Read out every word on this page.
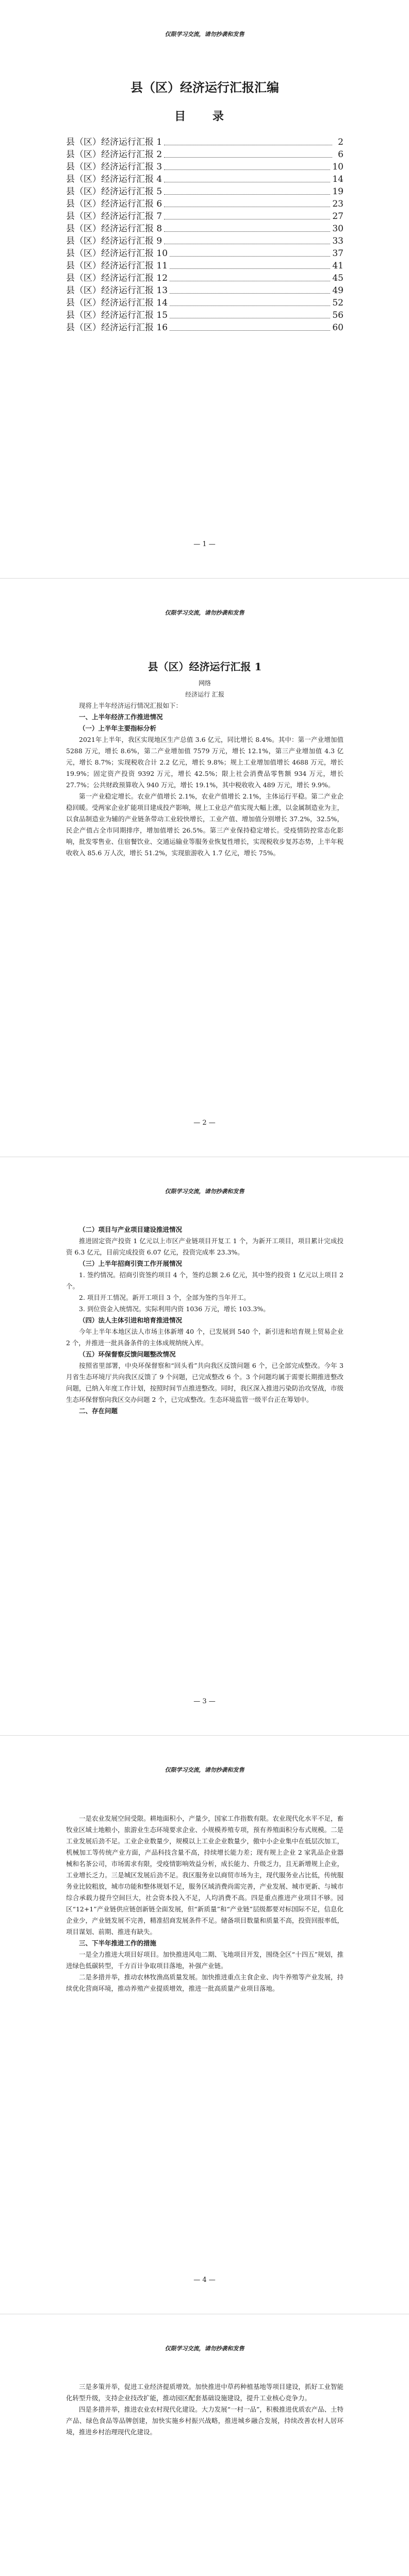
仅限学习交流，请勿抄袭和发售
县（区）经济运行汇报汇编
目 录
县（区）经济运行汇报 1	2
县（区）经济运行汇报 2	6
县（区）经济运行汇报 3	10
县（区）经济运行汇报 4	14
县（区）经济运行汇报 5	19
县（区）经济运行汇报 6	23
县（区）经济运行汇报 7	27
县（区）经济运行汇报 8	30
县（区）经济运行汇报 9	33
县（区）经济运行汇报 10	37
县（区）经济运行汇报 11	41
县（区）经济运行汇报 12	45
县（区）经济运行汇报 13	49
县（区）经济运行汇报 14	52
县（区）经济运行汇报 15	56
县（区）经济运行汇报 16	60
— 1 —
仅限学习交流，请勿抄袭和发售
县（区）经济运行汇报 1
网络
经济运行 汇报

现将上半年经济运行情况汇报如下：

一、上半年经济工作推进情况

（一）上半年主要指标分析

2021年上半年，我区实现地区生产总值 3.6 亿元，同比增长 8.4%。其中：第一产业增加值 5288 万元，增长 8.6%，第二产业增加值 7579 万元，增长 12.1%，第三产业增加值 4.3 亿元，增长 8.7%；实现税收合计 2.2 亿元，增长 9.8%；规上工业增加值增长 4688 万元，增长 19.9%；固定资产投资 9392 万元，增长 42.5%；限上社会消费品零售额 934 万元，增长 27.7%；公共财政预算收入 940 万元，增长 19.1%，其中税收收入 489 万元，增长 9.9%。

第一产业稳定增长。农业产值增长 2.1%，农业产值增长 2.1%，主体运行平稳。第二产业企稳回暖。受两家企业扩能项目建成投产影响，规上工业总产值实现大幅上涨，以金属制造业为主，以食品制造业为辅的产业链条带动工业较快增长，工业产值、增加值分别增长 37.2%，32.5%，民企产值占全市同期排序，增加值增长 26.5%。第三产业保持稳定增长。受疫情防控常态化影响，批发零售业、住宿餐饮业、交通运输业等服务业恢复性增长，实现税收步复苏态势，上半年税收收入 85.6 万人次，增长 51.2%，实现旅游收入 1.7 亿元，增长 75%。

— 2 —
仅限学习交流，请勿抄袭和发售

（二）项目与产业项目建设推进情况

推进固定资产投资 1 亿元以上市区产业链项目开复工 1 个，为新开工项目，项目累计完成投资 6.3 亿元，目前完成投资 6.07 亿元，投资完成率 23.3%。

（三）上半年招商引资工作开展情况

1. 签约情况。招商引资签约项目 4 个，签约总额 2.6 亿元，其中签约投资 1 亿元以上项目 2 个。

2. 项目开工情况。新开工项目 3 个，全部为签约当年开工。

3. 到位资金入统情况。实际利用内资 1036 万元，增长 103.3%。

（四）法人主体引进和培育推进情况

今年上半年本地区法人市场主体新增 40 个，已发展到 540 个，新引进和培育规上贸易企业 2 个，并推进一批具备条件的主体成规纳统入库。

（五）环保督察反馈问题整改情况

按照省里部署，中央环保督察和“回头看”共向我区反馈问题 6 个，已全部完成整改。今年 3 月省生态环境厅共向我区反馈了 9 个问题，已完成整改 6 个。3 个问题均属于需要长期推进整改问题，已纳入年度工作计划，按照时间节点推进整改。同时，我区深入推进污染防治攻坚战，市级生态环保督察向我区交办问题 2 个，已完成整改。生态环境监管一级平台正在筹划中。

二、存在问题

— 3 —
仅限学习交流，请勿抄袭和发售

一是农业发展空间受限。耕地面积小，产量少，国家工作指数有限。农业现代化水平不足，畜牧业区域土地粮小，旅游业生态环境要求企业、小规模养殖专项，预有养殖面积分布式规模。二是工业发展后劲不足。工业企业数量少，规模以上工业企业数量少，傲中小企业集中在低层次加工，机械加工等传统产业方面，产品科技含量不高，持续增长能力差；现有规上企业 2 家乳品企业器械和名茶公司，市场需求有限，受疫情影响效益分析，成长能力、升级乏力，且无新增规上企业，工业增长乏力。三是城区发展后劲不足。我区服务业以商贸市场为主，现代服务业占比低，传统服务业比较粗放，城市功能和整体规划不足，服务区域消费尚需完善，产业发展、城市更新、与城市综合承载力提升空间巨大，社会资本投入不足，人均消费不高。四是重点推进产业项目不够。园区“12+1”产业链供应链创新链全面发展，但“新质量”和“产业链”层级都要对标国际不足，信息化企业少，产业链发展不完善，精准招商发展条件不足。储备项目数量和质量不高，投资回报率低，项目谋划、前期、推进有缺失。

三、下半年推进工作的措施

一是全力推进大项目好项目。加快推进风电二期、飞地项目开发，围绕全区“十四五”规划，推进绿色低碳转型，千方百计争取项目落地，补强产业链。

二是多措并举，推动农林牧渔高质量发展。加快推进重点主食企业、肉牛养殖等产业发展，持续优化营商环境，推动养殖产业提质增效，推进一批高质量产业项目落地。

— 4 —
仅限学习交流，请勿抄袭和发售

三是多策并举，促进工业经济提质增效。加快推进中草药种植基地等项目建设，抓好工业智能化转型升级，支持企业技改扩能，推动园区配套基础设施建设，提升工业核心竞争力。

四是多措并举，推进农业农村现代化建设。大力发展“一村一品”，积极推进优质农产品、土特产品、绿色食品等品牌创建，加快实施乡村振兴战略，推进城乡融合发展，持续改善农村人居环境，推进乡村治理现代化建设。
